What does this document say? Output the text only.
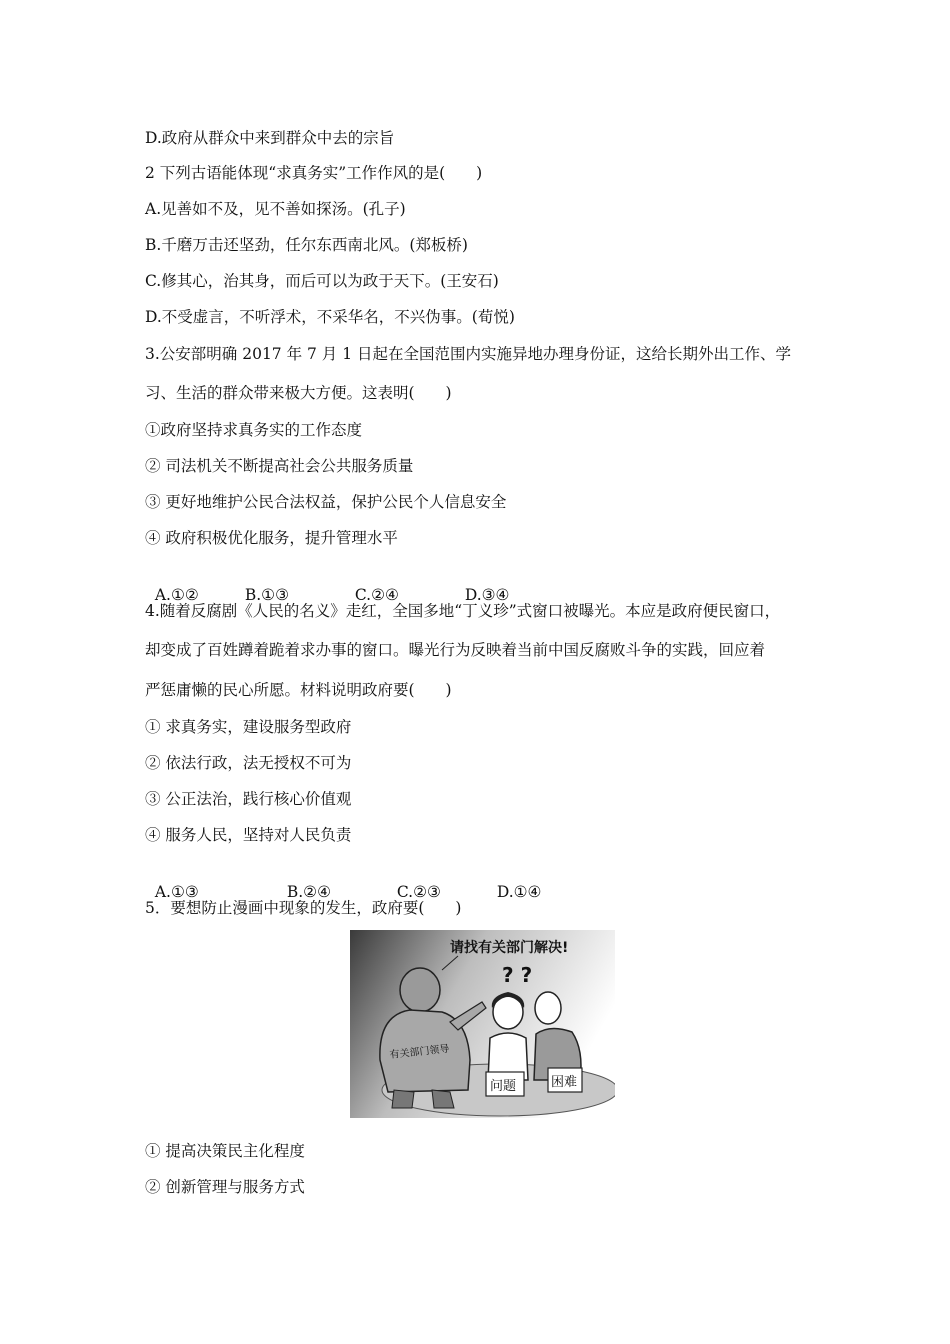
D.政府从群众中来到群众中去的宗旨
2 下列古语能体现“求真务实”工作作风的是(　　)
A.见善如不及，见不善如探汤。(孔子)
B.千磨万击还坚劲，任尔东西南北风。(郑板桥)
C.修其心，治其身，而后可以为政于天下。(王安石)
D.不受虚言，不听浮术，不采华名，不兴伪事。(荀悦)
3.公安部明确 2017 年 7 月 1 日起在全国范围内实施异地办理身份证，这给长期外出工作、学
习、生活的群众带来极大方便。这表明(　　)
①政府坚持求真务实的工作态度
② 司法机关不断提高社会公共服务质量
③ 更好地维护公民合法权益，保护公民个人信息安全
④ 政府积极优化服务，提升管理水平

A.①②	B.①③	C.②④	D.③④

4.随着反腐剧《人民的名义》走红，全国多地“丁义珍”式窗口被曝光。本应是政府便民窗口，
却变成了百姓蹲着跪着求办事的窗口。曝光行为反映着当前中国反腐败斗争的实践，回应着
严惩庸懒的民心所愿。材料说明政府要(　　)
① 求真务实，建设服务型政府
② 依法行政，法无授权不可为
③ 公正法治，践行核心价值观
④ 服务人民，坚持对人民负责

A.①③	B.②④	C.②③	D.①④

5．要想防止漫画中现象的发生，政府要(　　)
有关部门领导
请找有关部门解决!
? ?
问题	困难
① 提高决策民主化程度
② 创新管理与服务方式
